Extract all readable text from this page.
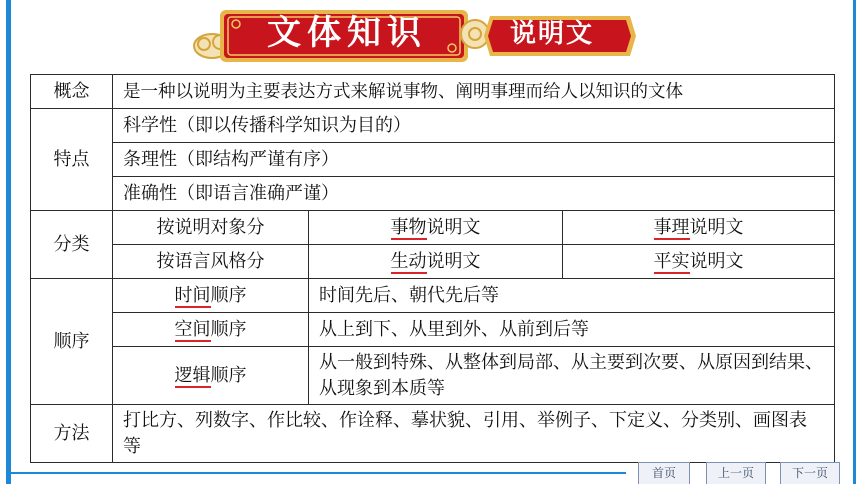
文体知识	说明文
概念	是一种以说明为主要表达方式来解说事物、阐明事理而给人以知识的文体		
特点	科学性（即以传播科学知识为目的）		
	条理性（即结构严谨有序）		
	准确性（即语言准确严谨）		
分类	按说明对象分	事物说明文	事理说明文
	按语言风格分	生动说明文	平实说明文
顺序	时间顺序	时间先后、朝代先后等	
	空间顺序	从上到下、从里到外、从前到后等	
	逻辑顺序	从一般到特殊、从整体到局部、从主要到次要、从原因到结果、从现象到本质等	
方法	打比方、列数字、作比较、作诠释、摹状貌、引用、举例子、下定义、分类别、画图表等		
首页	上一页	下一页
